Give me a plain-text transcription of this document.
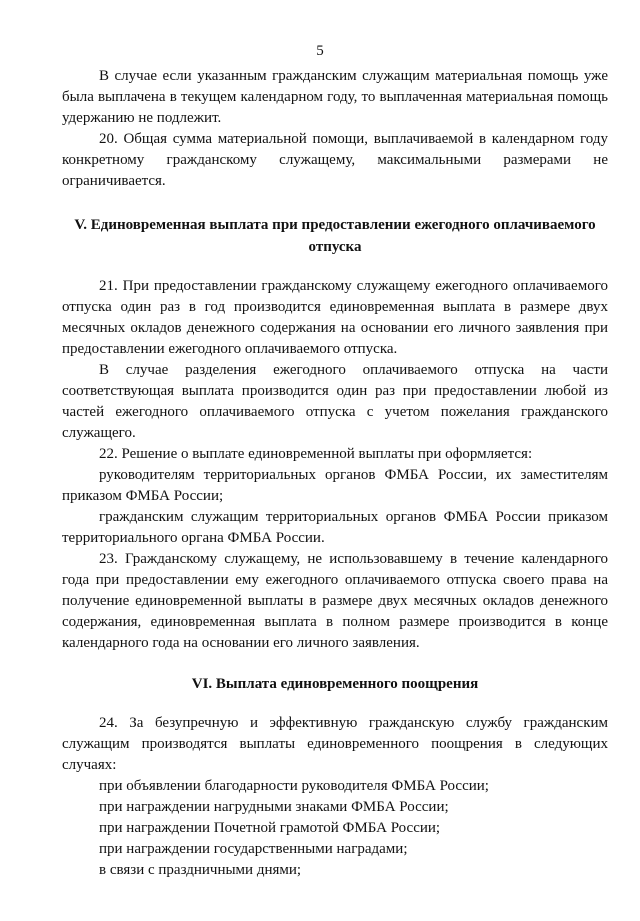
5

В случае если указанным гражданским служащим материальная помощь уже была выплачена в текущем календарном году, то выплаченная материальная помощь удержанию не подлежит.

20. Общая сумма материальной помощи, выплачиваемой в календарном году конкретному гражданскому служащему, максимальными размерами не ограничивается.

V. Единовременная выплата при предоставлении ежегодного оплачиваемого отпуска

21. При предоставлении гражданскому служащему ежегодного оплачиваемого отпуска один раз в год производится единовременная выплата в размере двух месячных окладов денежного содержания на основании его личного заявления при предоставлении ежегодного оплачиваемого отпуска.

В случае разделения ежегодного оплачиваемого отпуска на части соответствующая выплата производится один раз при предоставлении любой из частей ежегодного оплачиваемого отпуска с учетом пожелания гражданского служащего.

22. Решение о выплате единовременной выплаты при оформляется:

руководителям территориальных органов ФМБА России, их заместителям приказом ФМБА России;

гражданским служащим территориальных органов ФМБА России приказом территориального органа ФМБА России.

23. Гражданскому служащему, не использовавшему в течение календарного года при предоставлении ему ежегодного оплачиваемого отпуска своего права на получение единовременной выплаты в размере двух месячных окладов денежного содержания, единовременная выплата в полном размере производится в конце календарного года на основании его личного заявления.

VI. Выплата единовременного поощрения

24. За безупречную и эффективную гражданскую службу гражданским служащим производятся выплаты единовременного поощрения в следующих случаях:

при объявлении благодарности руководителя ФМБА России;

при награждении нагрудными знаками ФМБА России;

при награждении Почетной грамотой ФМБА России;

при награждении государственными наградами;

в связи с праздничными днями;
